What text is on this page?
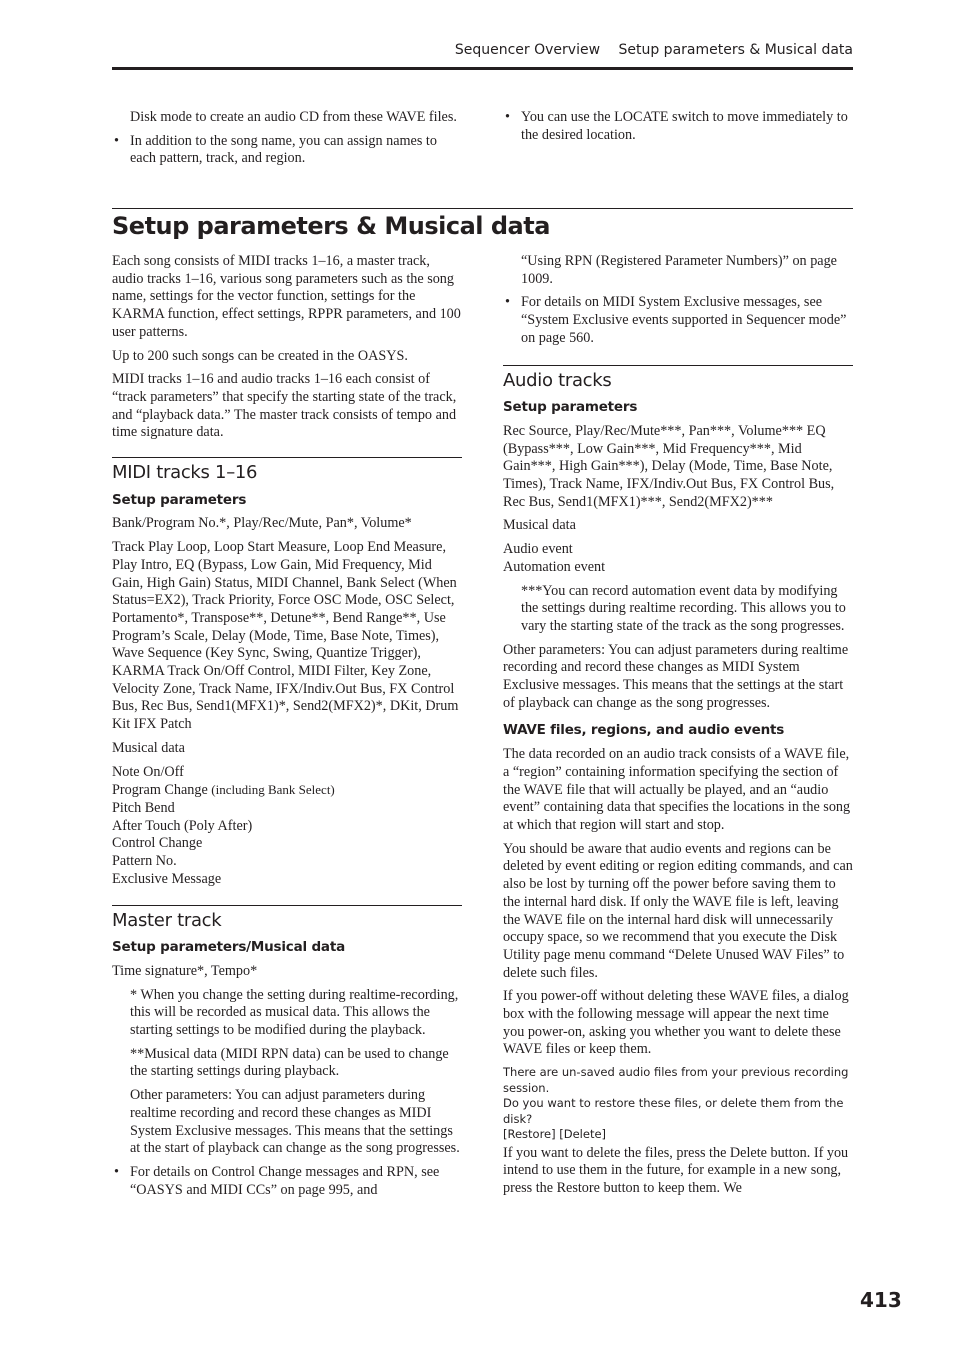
Sequencer Overview Setup parameters & Musical data

Disk mode to create an audio CD from these WAVE files.

• In addition to the song name, you can assign names to each pattern, track, and region.
• You can use the LOCATE switch to move immediately to the desired location.
Setup parameters & Musical data

Each song consists of MIDI tracks 1–16, a master track, audio tracks 1–16, various song parameters such as the song name, settings for the vector function, settings for the KARMA function, effect settings, RPPR parameters, and 100 user patterns.

Up to 200 such songs can be created in the OASYS.

MIDI tracks 1–16 and audio tracks 1–16 each consist of “track parameters” that specify the starting state of the track, and “playback data.” The master track consists of tempo and time signature data.

MIDI tracks 1–16
Setup parameters

Bank/Program No.*, Play/Rec/Mute, Pan*, Volume*

Track Play Loop, Loop Start Measure, Loop End Measure, Play Intro, EQ (Bypass, Low Gain, Mid Frequency, Mid Gain, High Gain) Status, MIDI Channel, Bank Select (When Status=EX2), Track Priority, Force OSC Mode, OSC Select, Portamento*, Transpose**, Detune**, Bend Range**, Use Program’s Scale, Delay (Mode, Time, Base Note, Times), Wave Sequence (Key Sync, Swing, Quantize Trigger), KARMA Track On/Off Control, MIDI Filter, Key Zone, Velocity Zone, Track Name, IFX/Indiv.Out Bus, FX Control Bus, Rec Bus, Send1(MFX1)*, Send2(MFX2)*, DKit, Drum Kit IFX Patch

Musical data

Note On/Off
Program Change (including Bank Select)
Pitch Bend
After Touch (Poly After)
Control Change
Pattern No.
Exclusive Message
Master track
Setup parameters/Musical data

Time signature*, Tempo*

* When you change the setting during realtime-recording, this will be recorded as musical data. This allows the starting settings to be modified during the playback.

**Musical data (MIDI RPN data) can be used to change the starting settings during playback.

Other parameters: You can adjust parameters during realtime recording and record these changes as MIDI System Exclusive messages. This means that the settings at the start of playback can change as the song progresses.

• For details on Control Change messages and RPN, see “OASYS and MIDI CCs” on page 995, and

“Using RPN (Registered Parameter Numbers)” on page 1009.

• For details on MIDI System Exclusive messages, see “System Exclusive events supported in Sequencer mode” on page 560.
Audio tracks
Setup parameters

Rec Source, Play/Rec/Mute***, Pan***, Volume*** EQ (Bypass***, Low Gain***, Mid Frequency***, Mid Gain***, High Gain***), Delay (Mode, Time, Base Note, Times), Track Name, IFX/Indiv.Out Bus, FX Control Bus, Rec Bus, Send1(MFX1)***, Send2(MFX2)***

Musical data

Audio event
Automation event

***You can record automation event data by modifying the settings during realtime recording. This allows you to vary the starting state of the track as the song progresses.

Other parameters: You can adjust parameters during realtime recording and record these changes as MIDI System Exclusive messages. This means that the settings at the start of playback can change as the song progresses.

WAVE files, regions, and audio events

The data recorded on an audio track consists of a WAVE file, a “region” containing information specifying the section of the WAVE file that will actually be played, and an “audio event” containing data that specifies the locations in the song at which that region will start and stop.

You should be aware that audio events and regions can be deleted by event editing or region editing commands, and can also be lost by turning off the power before saving them to the internal hard disk. If only the WAVE file is left, leaving the WAVE file on the internal hard disk will unnecessarily occupy space, so we recommend that you execute the Disk Utility page menu command “Delete Unused WAV Files” to delete such files.

If you power-off without deleting these WAVE files, a dialog box with the following message will appear the next time you power-on, asking you whether you want to delete these WAVE files or keep them.

There are un-saved audio files from your previous recording session.
Do you want to restore these files, or delete them from the disk?
[Restore] [Delete]

If you want to delete the files, press the Delete button. If you intend to use them in the future, for example in a new song, press the Restore button to keep them. We

413
